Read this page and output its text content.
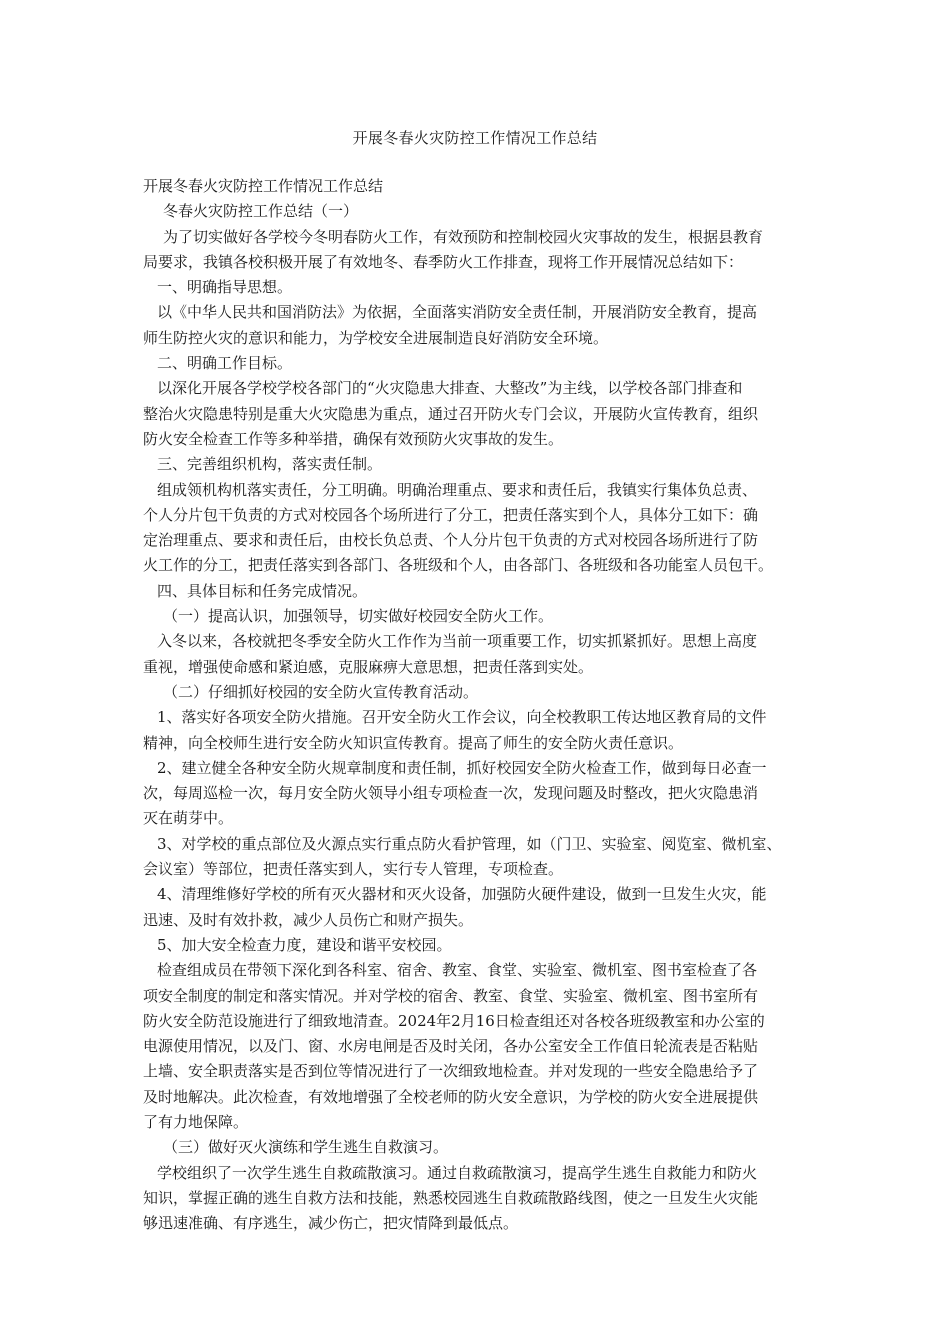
开展冬春火灾防控工作情况工作总结
开展冬春火灾防控工作情况工作总结
冬春火灾防控工作总结（一）
为了切实做好各学校今冬明春防火工作，有效预防和控制校园火灾事故的发生，根据县教育
局要求，我镇各校积极开展了有效地冬、春季防火工作排查，现将工作开展情况总结如下：
一、明确指导思想。
以《中华人民共和国消防法》为依据，全面落实消防安全责任制，开展消防安全教育，提高
师生防控火灾的意识和能力，为学校安全进展制造良好消防安全环境。
二、明确工作目标。
以深化开展各学校学校各部门的“火灾隐患大排查、大整改”为主线，以学校各部门排查和
整治火灾隐患特别是重大火灾隐患为重点，通过召开防火专门会议，开展防火宣传教育，组织
防火安全检查工作等多种举措，确保有效预防火灾事故的发生。
三、完善组织机构，落实责任制。
组成领机构机落实责任，分工明确。明确治理重点、要求和责任后，我镇实行集体负总责、
个人分片包干负责的方式对校园各个场所进行了分工，把责任落实到个人，具体分工如下：确
定治理重点、要求和责任后，由校长负总责、个人分片包干负责的方式对校园各场所进行了防
火工作的分工，把责任落实到各部门、各班级和个人，由各部门、各班级和各功能室人员包干。
四、具体目标和任务完成情况。
（一）提高认识，加强领导，切实做好校园安全防火工作。
入冬以来，各校就把冬季安全防火工作作为当前一项重要工作，切实抓紧抓好。思想上高度
重视，增强使命感和紧迫感，克服麻痹大意思想，把责任落到实处。
（二）仔细抓好校园的安全防火宣传教育活动。
1、落实好各项安全防火措施。召开安全防火工作会议，向全校教职工传达地区教育局的文件
精神，向全校师生进行安全防火知识宣传教育。提高了师生的安全防火责任意识。
2、建立健全各种安全防火规章制度和责任制，抓好校园安全防火检查工作，做到每日必查一
次，每周巡检一次，每月安全防火领导小组专项检查一次，发现问题及时整改，把火灾隐患消
灭在萌芽中。
3、对学校的重点部位及火源点实行重点防火看护管理，如（门卫、实验室、阅览室、微机室、
会议室）等部位，把责任落实到人，实行专人管理，专项检查。
4、清理维修好学校的所有灭火器材和灭火设备，加强防火硬件建设，做到一旦发生火灾，能
迅速、及时有效扑救，减少人员伤亡和财产损失。
5、加大安全检查力度，建设和谐平安校园。
检查组成员在带领下深化到各科室、宿舍、教室、食堂、实验室、微机室、图书室检查了各
项安全制度的制定和落实情况。并对学校的宿舍、教室、食堂、实验室、微机室、图书室所有
防火安全防范设施进行了细致地清查。2024年2月16日检查组还对各校各班级教室和办公室的
电源使用情况，以及门、窗、水房电闸是否及时关闭，各办公室安全工作值日轮流表是否粘贴
上墙、安全职责落实是否到位等情况进行了一次细致地检查。并对发现的一些安全隐患给予了
及时地解决。此次检查，有效地增强了全校老师的防火安全意识，为学校的防火安全进展提供
了有力地保障。
（三）做好灭火演练和学生逃生自救演习。
学校组织了一次学生逃生自救疏散演习。通过自救疏散演习，提高学生逃生自救能力和防火
知识，掌握正确的逃生自救方法和技能，熟悉校园逃生自救疏散路线图，使之一旦发生火灾能
够迅速准确、有序逃生，减少伤亡，把灾情降到最低点。
